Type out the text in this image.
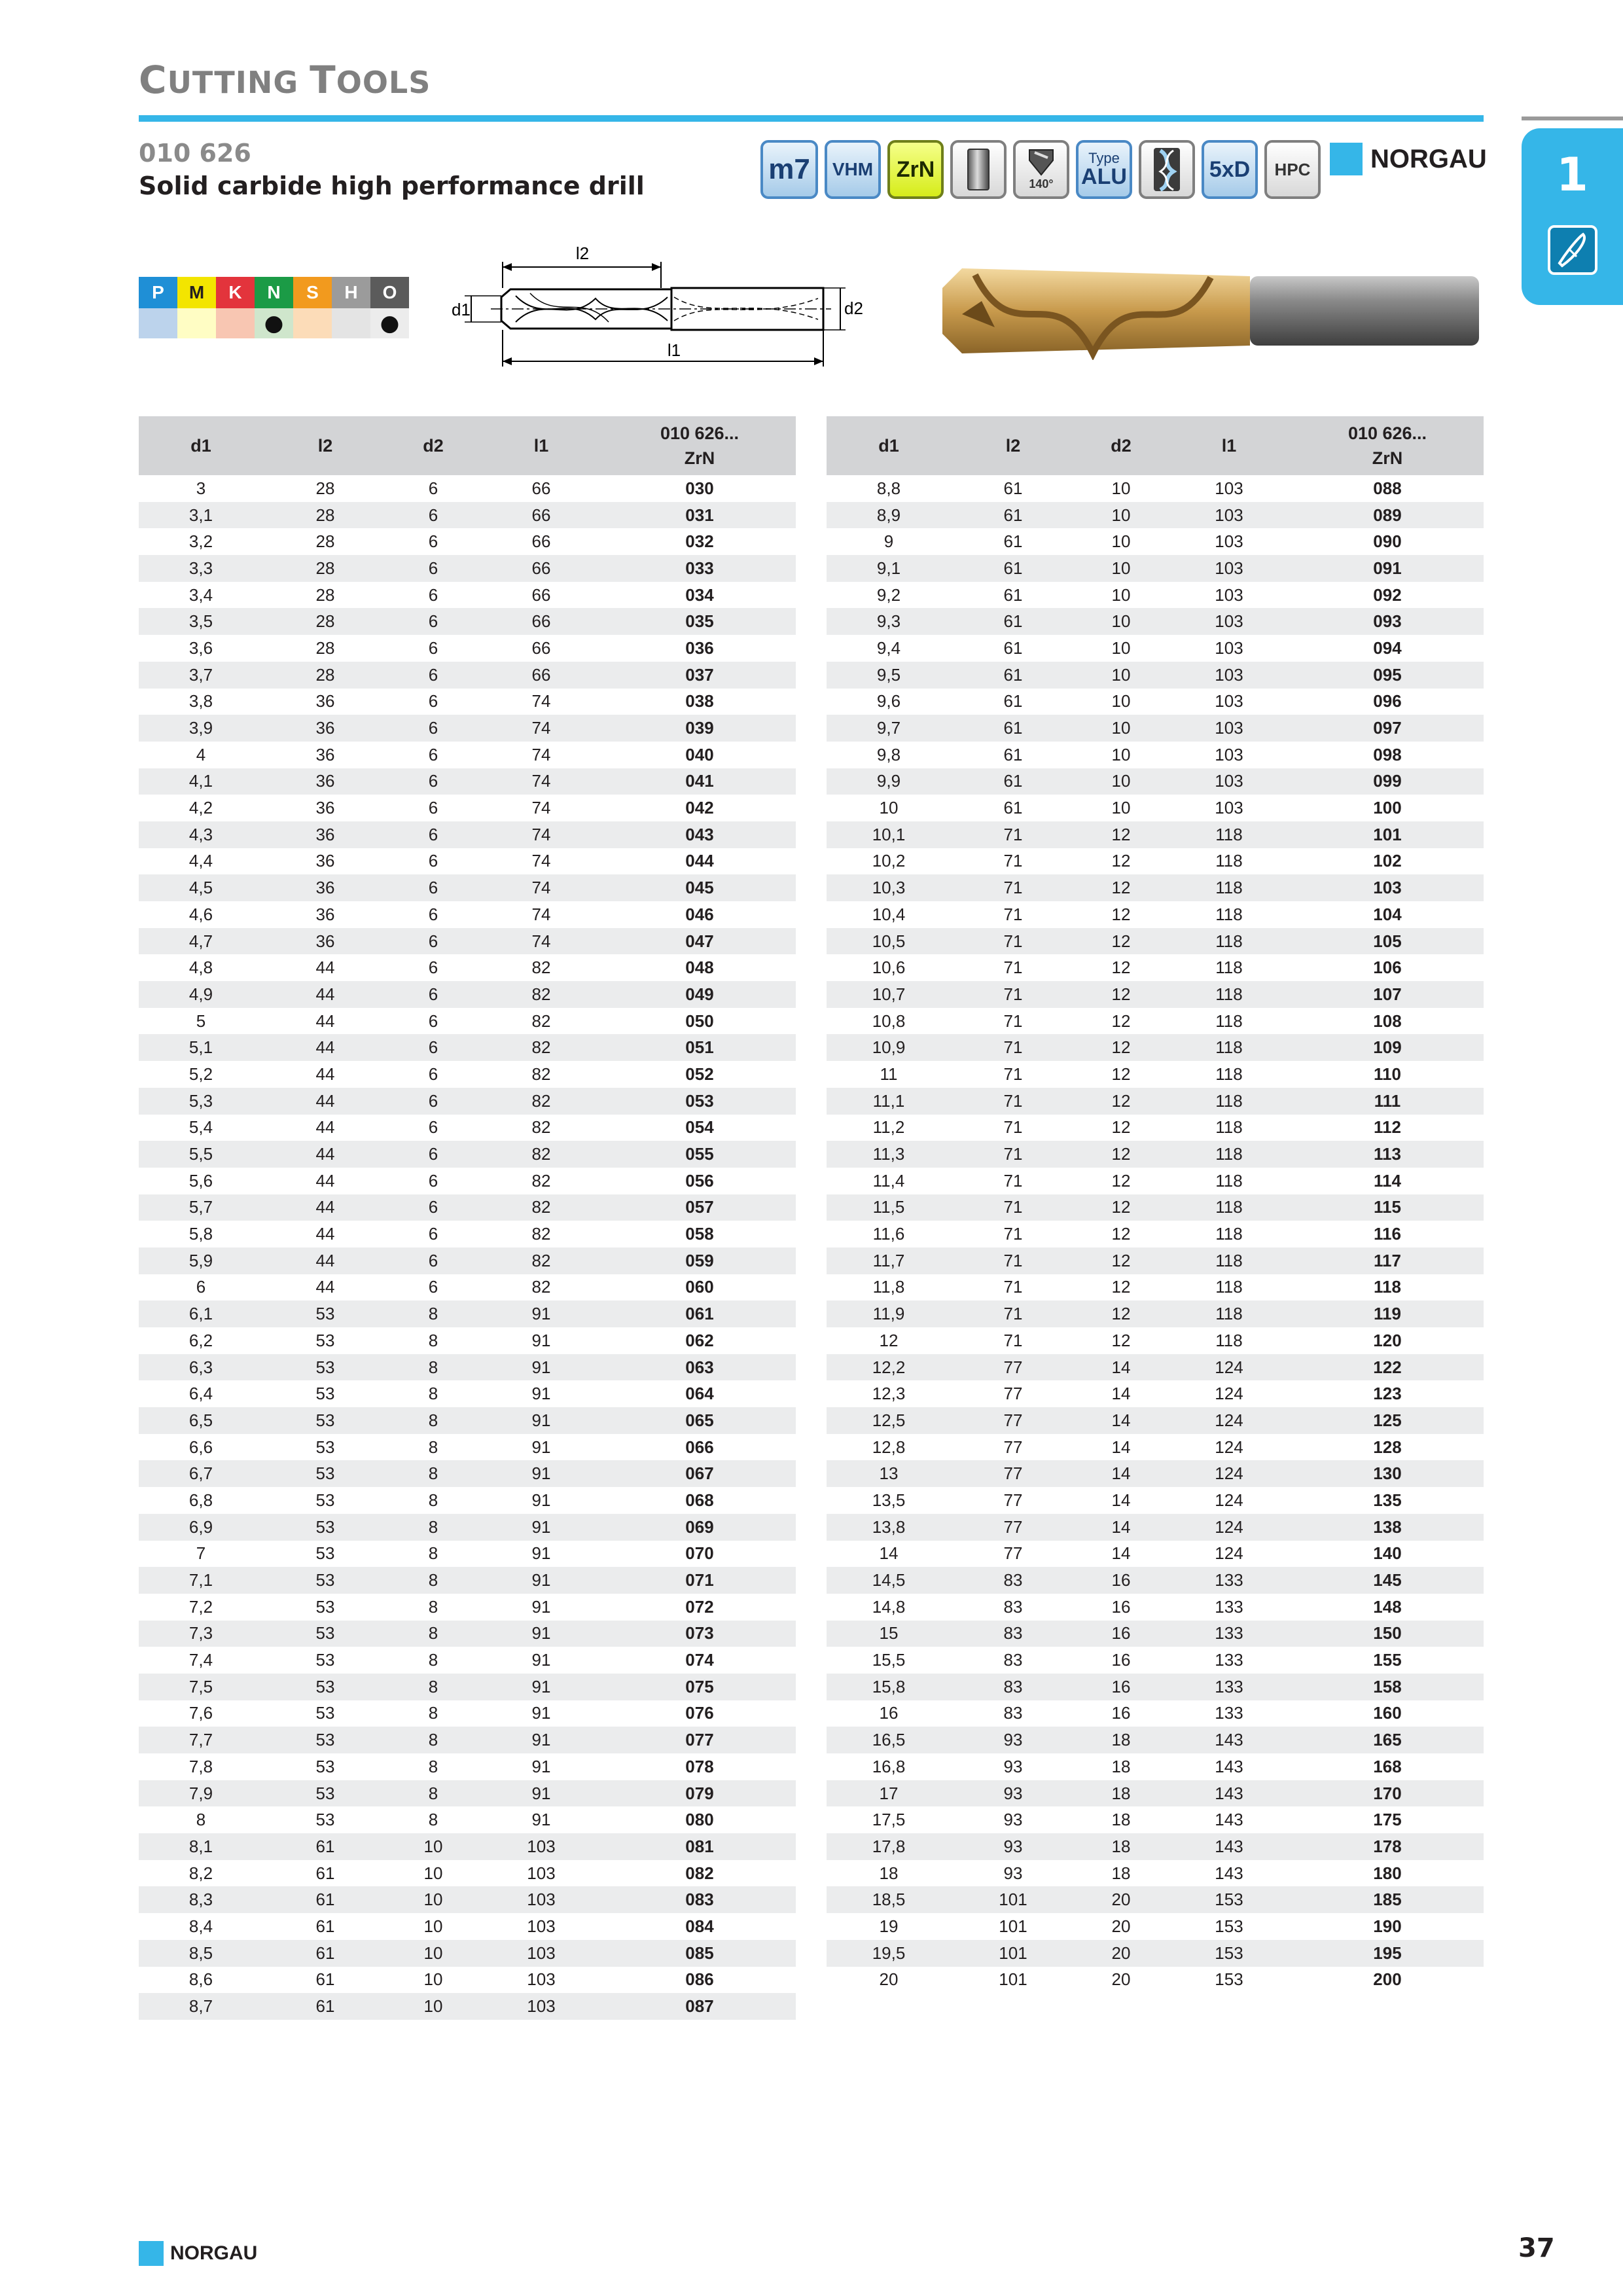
CUTTING TOOLS
010 626
Solid carbide high performance drill
m7	VHM	ZrN
140°
Type
ALU	5xD	HPC	NORGAU	1
P	M	K	N	S	H	O
●	●
l2
d1	d2
l1
d1	l2	d2	l1	010 626...
ZrN
3	28	6	66	030
3,1	28	6	66	031
3,2	28	6	66	032
3,3	28	6	66	033
3,4	28	6	66	034
3,5	28	6	66	035
3,6	28	6	66	036
3,7	28	6	66	037
3,8	36	6	74	038
3,9	36	6	74	039
4	36	6	74	040
4,1	36	6	74	041
4,2	36	6	74	042
4,3	36	6	74	043
4,4	36	6	74	044
4,5	36	6	74	045
4,6	36	6	74	046
4,7	36	6	74	047
4,8	44	6	82	048
4,9	44	6	82	049
5	44	6	82	050
5,1	44	6	82	051
5,2	44	6	82	052
5,3	44	6	82	053
5,4	44	6	82	054
5,5	44	6	82	055
5,6	44	6	82	056
5,7	44	6	82	057
5,8	44	6	82	058
5,9	44	6	82	059
6	44	6	82	060
6,1	53	8	91	061
6,2	53	8	91	062
6,3	53	8	91	063
6,4	53	8	91	064
6,5	53	8	91	065
6,6	53	8	91	066
6,7	53	8	91	067
6,8	53	8	91	068
6,9	53	8	91	069
7	53	8	91	070
7,1	53	8	91	071
7,2	53	8	91	072
7,3	53	8	91	073
7,4	53	8	91	074
7,5	53	8	91	075
7,6	53	8	91	076
7,7	53	8	91	077
7,8	53	8	91	078
7,9	53	8	91	079
8	53	8	91	080
8,1	61	10	103	081
8,2	61	10	103	082
8,3	61	10	103	083
8,4	61	10	103	084
8,5	61	10	103	085
8,6	61	10	103	086
8,7	61	10	103	087
d1	l2	d2	l1	010 626...
ZrN
8,8	61	10	103	088
8,9	61	10	103	089
9	61	10	103	090
9,1	61	10	103	091
9,2	61	10	103	092
9,3	61	10	103	093
9,4	61	10	103	094
9,5	61	10	103	095
9,6	61	10	103	096
9,7	61	10	103	097
9,8	61	10	103	098
9,9	61	10	103	099
10	61	10	103	100
10,1	71	12	118	101
10,2	71	12	118	102
10,3	71	12	118	103
10,4	71	12	118	104
10,5	71	12	118	105
10,6	71	12	118	106
10,7	71	12	118	107
10,8	71	12	118	108
10,9	71	12	118	109
11	71	12	118	110
11,1	71	12	118	111
11,2	71	12	118	112
11,3	71	12	118	113
11,4	71	12	118	114
11,5	71	12	118	115
11,6	71	12	118	116
11,7	71	12	118	117
11,8	71	12	118	118
11,9	71	12	118	119
12	71	12	118	120
12,2	77	14	124	122
12,3	77	14	124	123
12,5	77	14	124	125
12,8	77	14	124	128
13	77	14	124	130
13,5	77	14	124	135
13,8	77	14	124	138
14	77	14	124	140
14,5	83	16	133	145
14,8	83	16	133	148
15	83	16	133	150
15,5	83	16	133	155
15,8	83	16	133	158
16	83	16	133	160
16,5	93	18	143	165
16,8	93	18	143	168
17	93	18	143	170
17,5	93	18	143	175
17,8	93	18	143	178
18	93	18	143	180
18,5	101	20	153	185
19	101	20	153	190
19,5	101	20	153	195
20	101	20	153	200
NORGAU	37
